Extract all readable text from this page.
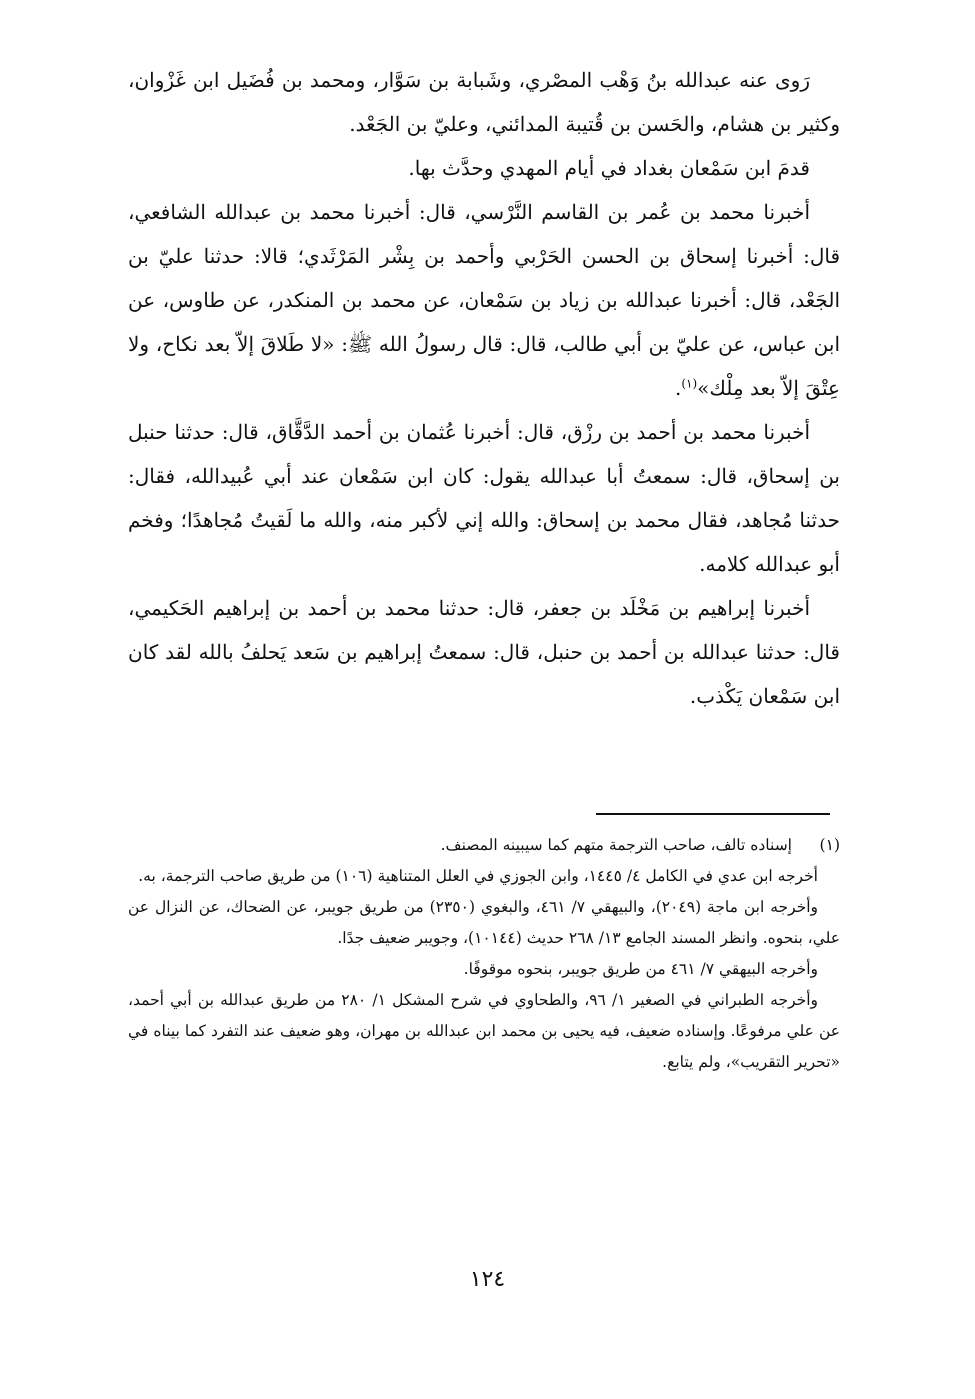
رَوى عنه عبدالله بنُ وَهْب المصْري، وشَبابة بن سَوَّار، ومحمد بن فُضَيل ابن غَزْوان، وكثير بن هشام، والحَسن بن قُتيبة المدائني، وعليّ بن الجَعْد.

قدمَ ابن سَمْعان بغداد في أيام المهدي وحدَّث بها.

أخبرنا محمد بن عُمر بن القاسم النَّرْسي، قال: أخبرنا محمد بن عبدالله الشافعي، قال: أخبرنا إسحاق بن الحسن الحَرْبي وأحمد بن بِشْر المَرْثَدي؛ قالا: حدثنا عليّ بن الجَعْد، قال: أخبرنا عبدالله بن زياد بن سَمْعان، عن محمد بن المنكدر، عن طاوس، عن ابن عباس، عن عليّ بن أبي طالب، قال: قال رسولُ الله ﷺ: «لا طَلاقَ إلاّ بعد نكاح، ولا عِتْقَ إلاّ بعد مِلْك»$^{(١)}$.

أخبرنا محمد بن أحمد بن رزْق، قال: أخبرنا عُثمان بن أحمد الدَّقَّاق، قال: حدثنا حنبل بن إسحاق، قال: سمعتُ أبا عبدالله يقول: كان ابن سَمْعان عند أبي عُبيدالله، فقال: حدثنا مُجاهد، فقال محمد بن إسحاق: والله إني لأكبر منه، والله ما لَقيتُ مُجاهدًا؛ وفخم أبو عبدالله كلامه.

أخبرنا إبراهيم بن مَخْلَد بن جعفر، قال: حدثنا محمد بن أحمد بن إبراهيم الحَكيمي، قال: حدثنا عبدالله بن أحمد بن حنبل، قال: سمعتُ إبراهيم بن سَعد يَحلفُ بالله لقد كان ابن سَمْعان يَكْذب.

(١)
إسناده تالف، صاحب الترجمة متهم كما سيبينه المصنف.

أخرجه ابن عدي في الكامل ٤/ ١٤٤٥، وابن الجوزي في العلل المتناهية (١٠٦) من طريق صاحب الترجمة، به.

وأخرجه ابن ماجة (٢٠٤٩)، والبيهقي ٧/ ٤٦١، والبغوي (٢٣٥٠) من طريق جويبر، عن الضحاك، عن النزال عن علي، بنحوه. وانظر المسند الجامع ١٣/ ٢٦٨ حديث (١٠١٤٤)، وجويبر ضعيف جدًا.

وأخرجه البيهقي ٧/ ٤٦١ من طريق جويبر، بنحوه موقوفًا.

وأخرجه الطبراني في الصغير ١/ ٩٦، والطحاوي في شرح المشكل ١/ ٢٨٠ من طريق عبدالله بن أبي أحمد، عن علي مرفوعًا. وإسناده ضعيف، فيه يحيى بن محمد ابن عبدالله بن مهران، وهو ضعيف عند التفرد كما بيناه في «تحرير التقريب»، ولم يتابع.

١٢٤
